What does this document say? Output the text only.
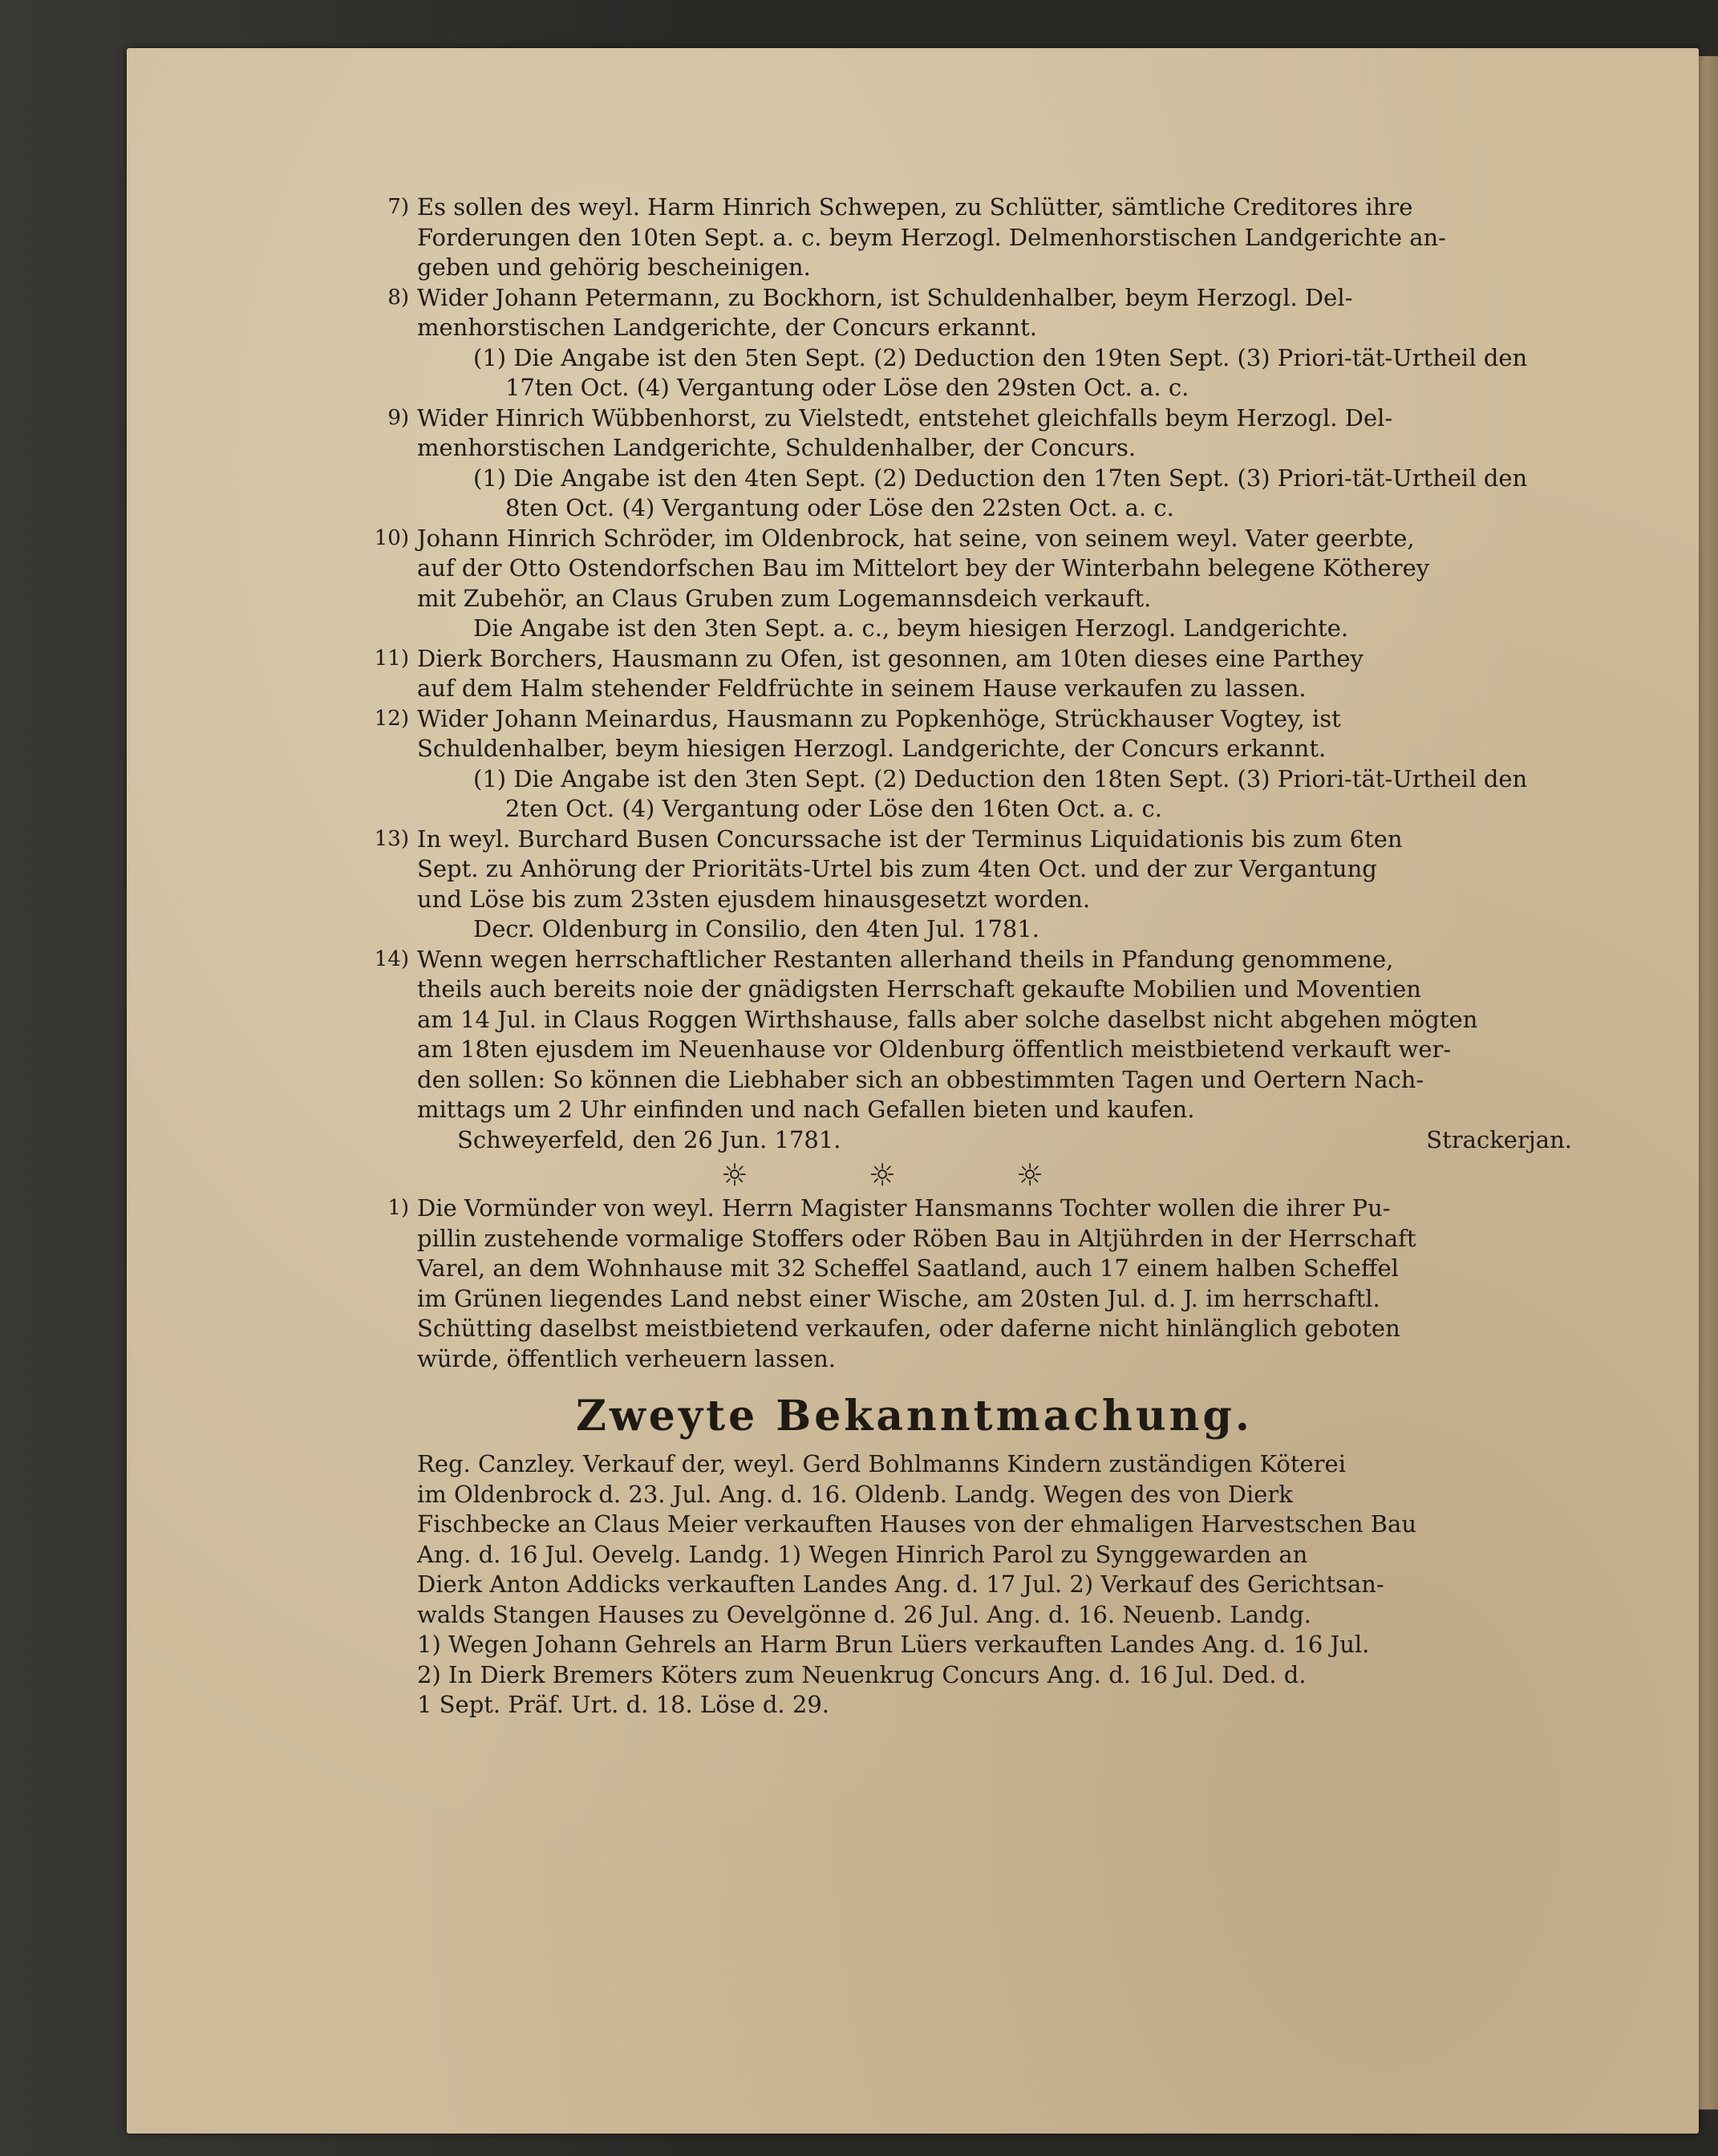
7) Es sollen des weyl. Harm Hinrich Schwepen, zu Schlütter, sämtliche Creditores ihre
Forderungen den 10ten Sept. a. c. beym Herzogl. Delmenhorstischen Landgerichte an-
geben und gehörig bescheinigen.
8) Wider Johann Petermann, zu Bockhorn, ist Schuldenhalber, beym Herzogl. Del-
menhorstischen Landgerichte, der Concurs erkannt.
(1) Die Angabe ist den 5ten Sept. (2) Deduction den 19ten Sept. (3) Priori-tät-Urtheil den 17ten Oct. (4) Vergantung oder Löse den 29sten Oct. a. c.
9) Wider Hinrich Wübbenhorst, zu Vielstedt, entstehet gleichfalls beym Herzogl. Del-
menhorstischen Landgerichte, Schuldenhalber, der Concurs.
(1) Die Angabe ist den 4ten Sept. (2) Deduction den 17ten Sept. (3) Priori-tät-Urtheil den 8ten Oct. (4) Vergantung oder Löse den 22sten Oct. a. c.
10) Johann Hinrich Schröder, im Oldenbrock, hat seine, von seinem weyl. Vater geerbte,
auf der Otto Ostendorfschen Bau im Mittelort bey der Winterbahn belegene Kötherey
mit Zubehör, an Claus Gruben zum Logemannsdeich verkauft.
Die Angabe ist den 3ten Sept. a. c., beym hiesigen Herzogl. Landgerichte.
11) Dierk Borchers, Hausmann zu Ofen, ist gesonnen, am 10ten dieses eine Parthey
auf dem Halm stehender Feldfrüchte in seinem Hause verkaufen zu lassen.
12) Wider Johann Meinardus, Hausmann zu Popkenhöge, Strückhauser Vogtey, ist
Schuldenhalber, beym hiesigen Herzogl. Landgerichte, der Concurs erkannt.
(1) Die Angabe ist den 3ten Sept. (2) Deduction den 18ten Sept. (3) Priori-tät-Urtheil den 2ten Oct. (4) Vergantung oder Löse den 16ten Oct. a. c.
13) In weyl. Burchard Busen Concurssache ist der Terminus Liquidationis bis zum 6ten
Sept. zu Anhörung der Prioritäts-Urtel bis zum 4ten Oct. und der zur Vergantung
und Löse bis zum 23sten ejusdem hinausgesetzt worden.
Decr. Oldenburg in Consilio, den 4ten Jul. 1781.
14) Wenn wegen herrschaftlicher Restanten allerhand theils in Pfandung genommene,
theils auch bereits noie der gnädigsten Herrschaft gekaufte Mobilien und Moventien
am 14 Jul. in Claus Roggen Wirthshause, falls aber solche daselbst nicht abgehen mögten
am 18ten ejusdem im Neuenhause vor Oldenburg öffentlich meistbietend verkauft wer-
den sollen: So können die Liebhaber sich an obbestimmten Tagen und Oertern Nach-
mittags um 2 Uhr einfinden und nach Gefallen bieten und kaufen.
Schweyerfeld, den 26 Jun. 1781.	Strackerjan.
☼	☼	☼
1) Die Vormünder von weyl. Herrn Magister Hansmanns Tochter wollen die ihrer Pu-
pillin zustehende vormalige Stoffers oder Röben Bau in Altjührden in der Herrschaft
Varel, an dem Wohnhause mit 32 Scheffel Saatland, auch 17 einem halben Scheffel
im Grünen liegendes Land nebst einer Wische, am 20sten Jul. d. J. im herrschaftl.
Schütting daselbst meistbietend verkaufen, oder daferne nicht hinlänglich geboten
würde, öffentlich verheuern lassen.
Zweyte Bekanntmachung.
Reg. Canzley. Verkauf der, weyl. Gerd Bohlmanns Kindern zuständigen Köterei
im Oldenbrock d. 23. Jul. Ang. d. 16. Oldenb. Landg. Wegen des von Dierk
Fischbecke an Claus Meier verkauften Hauses von der ehmaligen Harvestschen Bau
Ang. d. 16 Jul. Oevelg. Landg. 1) Wegen Hinrich Parol zu Synggewarden an
Dierk Anton Addicks verkauften Landes Ang. d. 17 Jul. 2) Verkauf des Gerichtsan-
walds Stangen Hauses zu Oevelgönne d. 26 Jul. Ang. d. 16. Neuenb. Landg.
1) Wegen Johann Gehrels an Harm Brun Lüers verkauften Landes Ang. d. 16 Jul.
2) In Dierk Bremers Köters zum Neuenkrug Concurs Ang. d. 16 Jul. Ded. d.
1 Sept. Präf. Urt. d. 18. Löse d. 29.
